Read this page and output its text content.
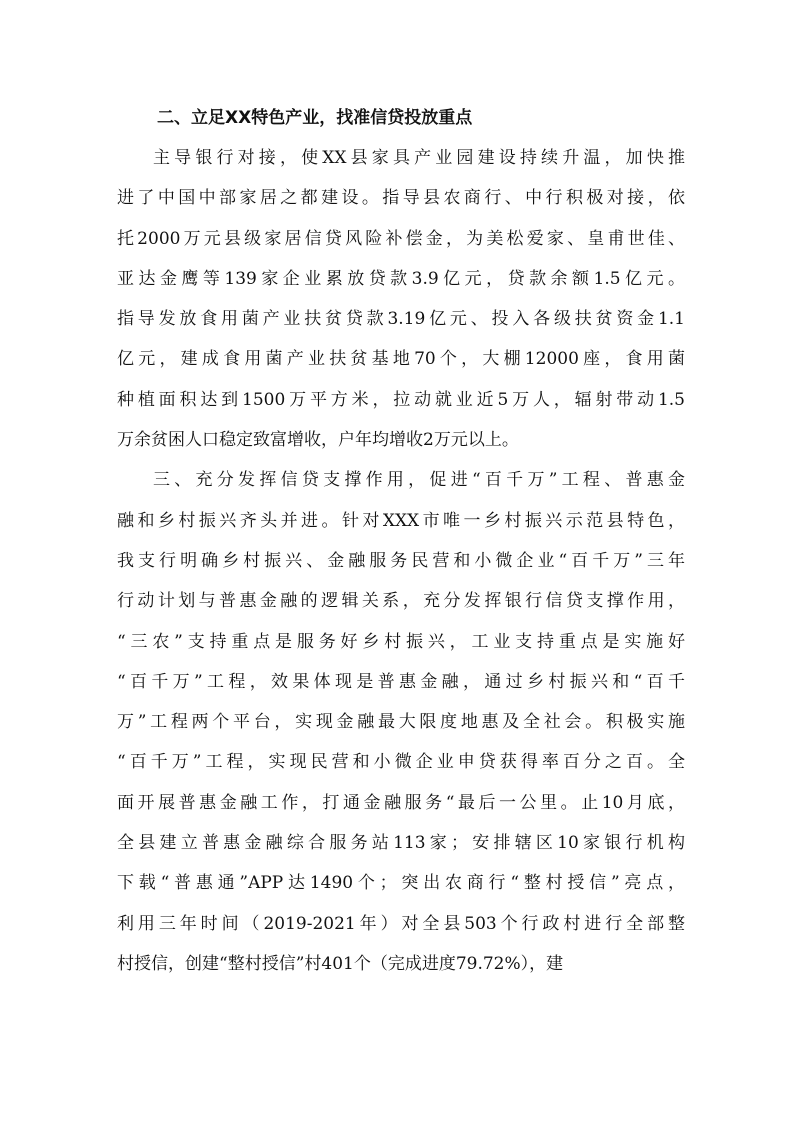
二、立足XX特色产业，找准信贷投放重点

主导银行对接，使XX县家具产业园建设持续升温，加快推
进了中国中部家居之都建设。指导县农商行、中行积极对接，依
托2000万元县级家居信贷风险补偿金，为美松爱家、皇甫世佳、
亚达金鹰等139家企业累放贷款3.9亿元，贷款余额1.5亿元。
指导发放食用菌产业扶贫贷款3.19亿元、投入各级扶贫资金1.1
亿元，建成食用菌产业扶贫基地70个，大棚12000座，食用菌
种植面积达到1500万平方米，拉动就业近5万人，辐射带动1.5
万余贫困人口稳定致富增收，户年均增收2万元以上。

三、充分发挥信贷支撑作用，促进“百千万”工程、普惠金
融和乡村振兴齐头并进。针对XXX市唯一乡村振兴示范县特色，
我支行明确乡村振兴、金融服务民营和小微企业“百千万”三年
行动计划与普惠金融的逻辑关系，充分发挥银行信贷支撑作用，
“三农”支持重点是服务好乡村振兴，工业支持重点是实施好
“百千万”工程，效果体现是普惠金融，通过乡村振兴和“百千
万”工程两个平台，实现金融最大限度地惠及全社会。积极实施
“百千万”工程，实现民营和小微企业申贷获得率百分之百。全
面开展普惠金融工作，打通金融服务“最后一公里。止10月底，
全县建立普惠金融综合服务站113家；安排辖区10家银行机构
下载“普惠通”APP达1490个；突出农商行“整村授信”亮点，
利用三年时间（2019-2021年）对全县503个行政村进行全部整
村授信，创建“整村授信”村401个（完成进度79.72%），建
